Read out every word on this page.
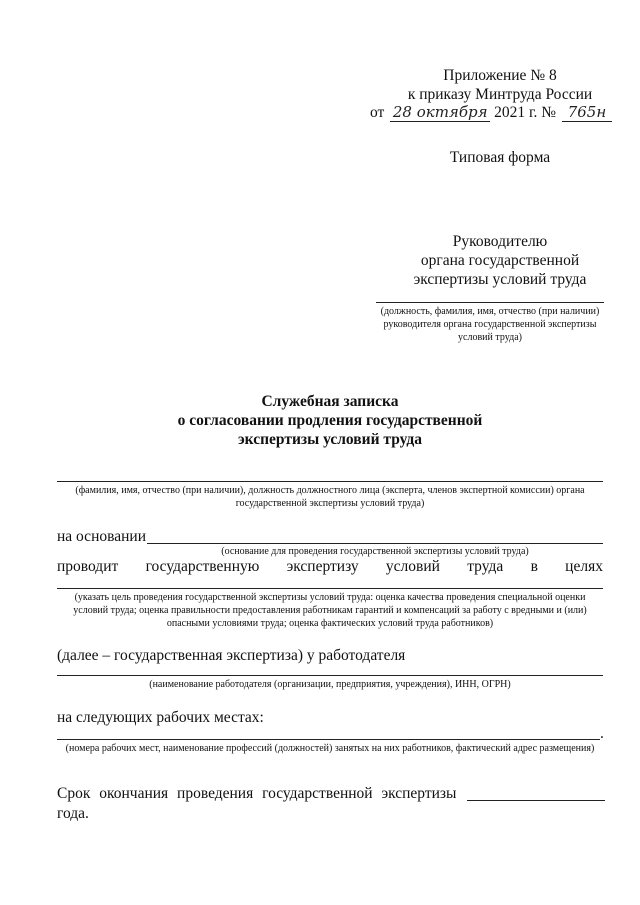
Приложение № 8
к приказу Минтруда России
от 28 октября 2021 г. № 765н
Типовая форма
Руководителю
органа государственной
экспертизы условий труда
(должность, фамилия, имя, отчество (при наличии) руководителя органа государственной экспертизы условий труда)
Служебная записка
о согласовании продления государственной
экспертизы условий труда
(фамилия, имя, отчество (при наличии), должность должностного лица (эксперта, членов экспертной комиссии) органа государственной экспертизы условий труда)
на основании
(основание для проведения государственной экспертизы условий труда)
проводит государственную экспертизу условий труда в целях
(указать цель проведения государственной экспертизы условий труда: оценка качества проведения специальной оценки условий труда; оценка правильности предоставления работникам гарантий и компенсаций за работу с вредными и (или) опасными условиями труда; оценка фактических условий труда работников)
(далее – государственная экспертиза) у работодателя
(наименование работодателя (организации, предприятия, учреждения), ИНН, ОГРН)
на следующих рабочих местах:
.
(номера рабочих мест, наименование профессий (должностей) занятых на них работников, фактический адрес размещения)
Срок окончания проведения государственной экспертизы
года.
